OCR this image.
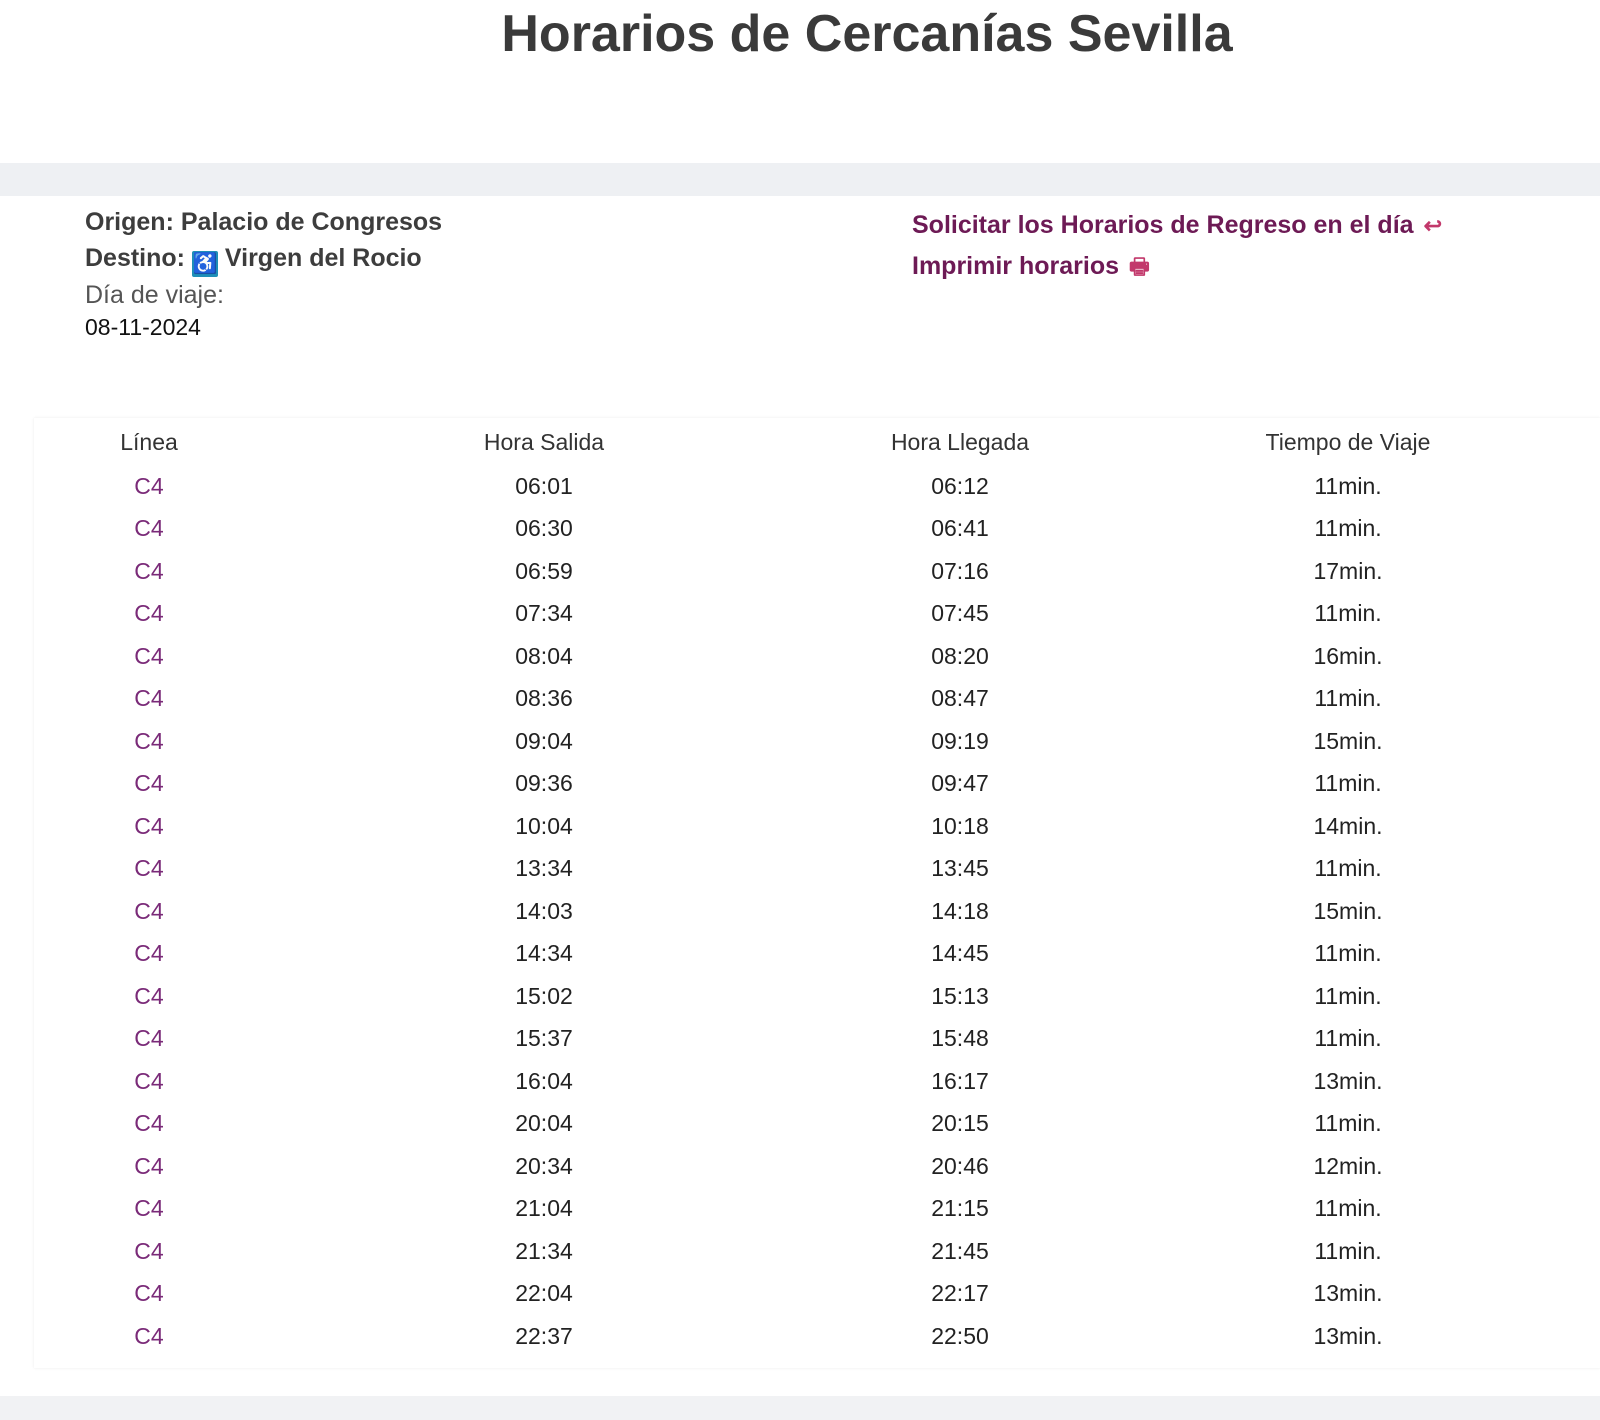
Horarios de Cercanías Sevilla
Origen: Palacio de Congresos
Destino: ♿ Virgen del Rocio
Día de viaje:
08-11-2024
Solicitar los Horarios de Regreso en el día ↩
Imprimir horarios 🖶
Línea	Hora Salida	Hora Llegada	Tiempo de Viaje
C4	06:01	06:12	11min.
C4	06:30	06:41	11min.
C4	06:59	07:16	17min.
C4	07:34	07:45	11min.
C4	08:04	08:20	16min.
C4	08:36	08:47	11min.
C4	09:04	09:19	15min.
C4	09:36	09:47	11min.
C4	10:04	10:18	14min.
C4	13:34	13:45	11min.
C4	14:03	14:18	15min.
C4	14:34	14:45	11min.
C4	15:02	15:13	11min.
C4	15:37	15:48	11min.
C4	16:04	16:17	13min.
C4	20:04	20:15	11min.
C4	20:34	20:46	12min.
C4	21:04	21:15	11min.
C4	21:34	21:45	11min.
C4	22:04	22:17	13min.
C4	22:37	22:50	13min.
